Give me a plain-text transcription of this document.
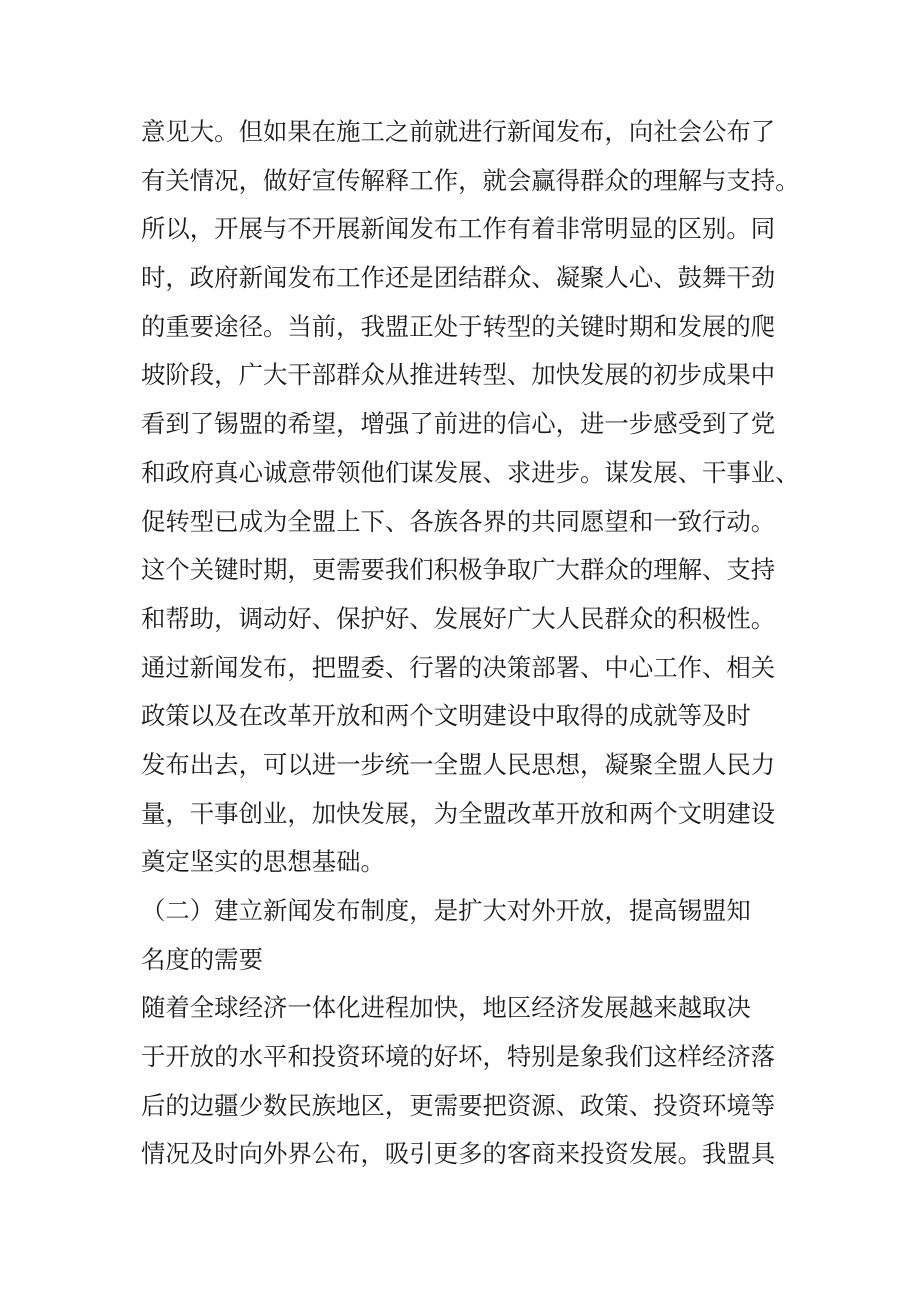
意见大。但如果在施工之前就进行新闻发布，向社会公布了
有关情况，做好宣传解释工作，就会赢得群众的理解与支持。
所以，开展与不开展新闻发布工作有着非常明显的区别。同
时，政府新闻发布工作还是团结群众、凝聚人心、鼓舞干劲
的重要途径。当前，我盟正处于转型的关键时期和发展的爬
坡阶段，广大干部群众从推进转型、加快发展的初步成果中
看到了锡盟的希望，增强了前进的信心，进一步感受到了党
和政府真心诚意带领他们谋发展、求进步。谋发展、干事业、
促转型已成为全盟上下、各族各界的共同愿望和一致行动。
这个关键时期，更需要我们积极争取广大群众的理解、支持
和帮助，调动好、保护好、发展好广大人民群众的积极性。
通过新闻发布，把盟委、行署的决策部署、中心工作、相关
政策以及在改革开放和两个文明建设中取得的成就等及时
发布出去，可以进一步统一全盟人民思想，凝聚全盟人民力
量，干事创业，加快发展，为全盟改革开放和两个文明建设
奠定坚实的思想基础。
（二）建立新闻发布制度，是扩大对外开放，提高锡盟知
名度的需要
随着全球经济一体化进程加快，地区经济发展越来越取决
于开放的水平和投资环境的好坏，特别是象我们这样经济落
后的边疆少数民族地区，更需要把资源、政策、投资环境等
情况及时向外界公布，吸引更多的客商来投资发展。我盟具
